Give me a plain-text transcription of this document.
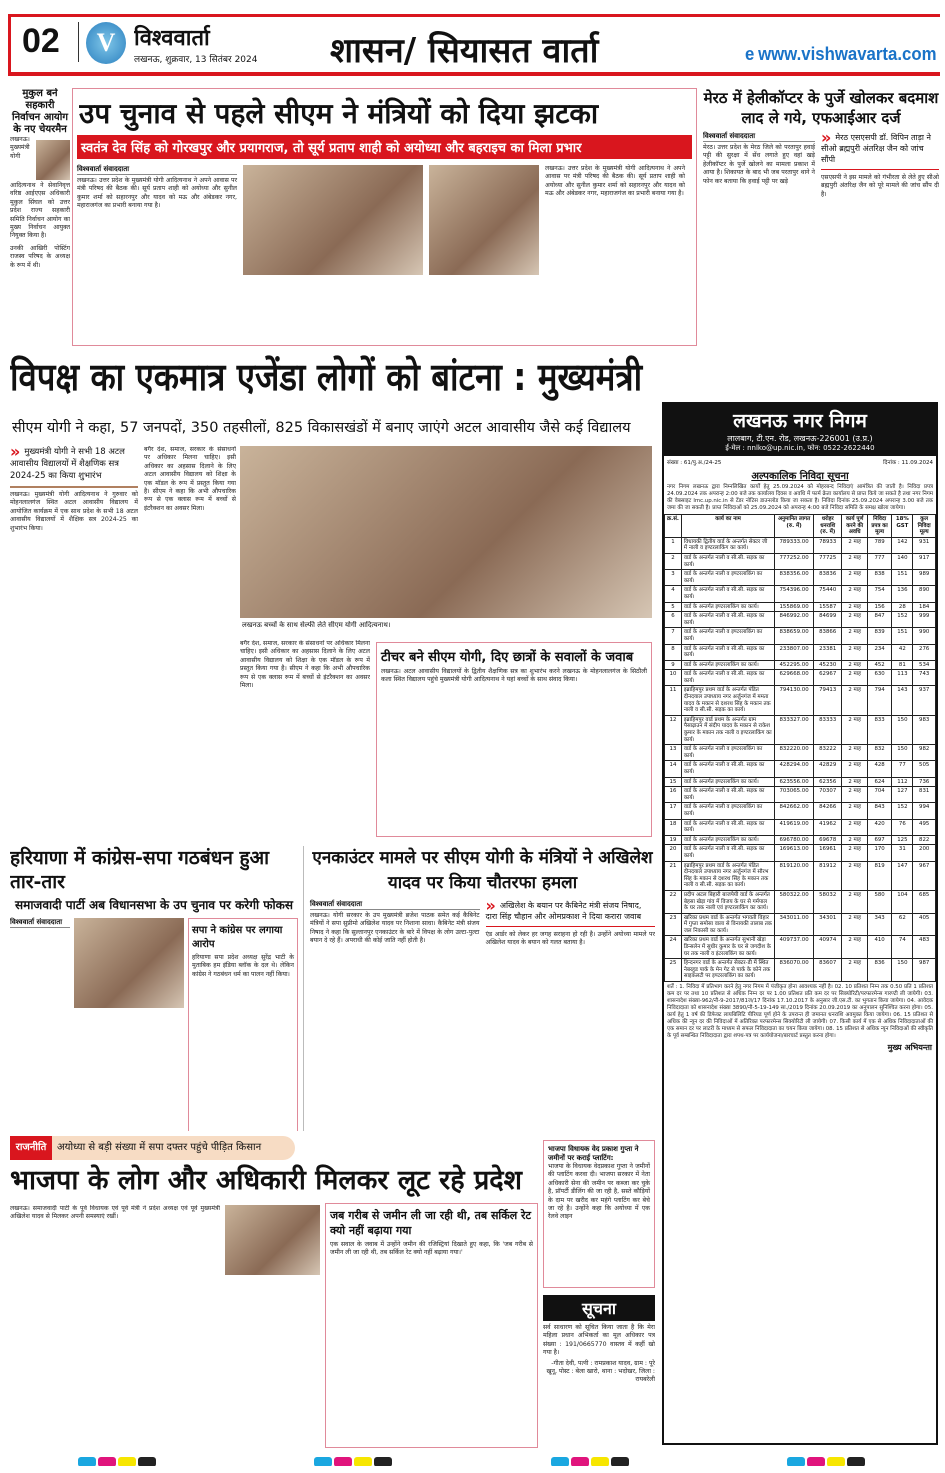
02	V विश्ववार्ता
लखनऊ, शुक्रवार, 13 सितंबर 2024	शासन/ सियासत वार्ता	e www.vishwavarta.com
मुकुल बने सहकारी निर्वाचन आयोग के नए चेयरमैन
लखनऊ। मुख्यमंत्री योगी आदित्यनाथ ने सेवानिवृत्त वरिष्ठ आईएएस अधिकारी मुकुल सिंघल को उत्तर प्रदेश राज्य सहकारी समिति निर्वाचन आयोग का मुख्य निर्वाचन आयुक्त नियुक्त किया है।
उनकी आखिरी पोस्टिंग राजस्व परिषद के अध्यक्ष के रूप में थी।
उप चुनाव से पहले सीएम ने मंत्रियों को दिया झटका
स्वतंत्र देव सिंह को गोरखपुर और प्रयागराज, तो सूर्य प्रताप शाही को अयोध्या और बहराइच का मिला प्रभार
विश्ववार्ता संवाददाता
लखनऊ। उत्तर प्रदेश के मुख्यमंत्री योगी आदित्यनाथ ने अपने आवास पर मंत्री परिषद की बैठक की। सूर्य प्रताप शाही को अयोध्या और सुनील कुमार शर्मा को सहारनपुर और यादव को मऊ और अंबेडकर नगर, महाराजगंज का प्रभारी बनाया गया है।
लखनऊ। उत्तर प्रदेश के मुख्यमंत्री योगी आदित्यनाथ ने अपने आवास पर मंत्री परिषद की बैठक की। सूर्य प्रताप शाही को अयोध्या और सुनील कुमार शर्मा को सहारनपुर और यादव को मऊ और अंबेडकर नगर, महाराजगंज का प्रभारी बनाया गया है।
मेरठ में हेलीकॉप्टर के पुर्जे खोलकर बदमाश लाद ले गये, एफआईआर दर्ज
विश्ववार्ता संवाददाता
मेरठ। उत्तर प्रदेश के मेरठ जिले को परतापुर हवाई पट्टी की सुरक्षा में सेंध लगाते हुए वहां खड़े हेलीकॉप्टर के पुर्जे खोलने का मामला प्रकाश में आया है। शिकायत के बाद भी जब परतापुर थाने ने फोन कर बताया कि हवाई पट्टी पर खड़े
» मेरठ एसएसपी डॉ. विपिन ताड़ा ने सीओ ब्रह्मपुरी अंतरिक्ष जैन को जांच सौंपी
एसएसपी ने इस मामले को गंभीरता से लेते हुए सीओ ब्रह्मपुरी अंतरिक्ष जैन को पूरे मामले की जांच सौंप दी है।
विपक्ष का एकमात्र एजेंडा लोगों को बांटना : मुख्यमंत्री
सीएम योगी ने कहा, 57 जनपदों, 350 तहसीलों, 825 विकासखंडों में बनाए जाएंगे अटल आवासीय जैसे कई विद्यालय
» मुख्यमंत्री योगी ने सभी 18 अटल आवासीय विद्यालयों में शैक्षणिक सत्र 2024-25 का किया शुभारंभ
लखनऊ। मुख्यमंत्री योगी आदित्यनाथ ने गुरुवार को मोहनलालगंज स्थित अटल आवासीय विद्यालय में आयोजित कार्यक्रम में एक साथ प्रदेश के सभी 18 अटल आवासीय विद्यालयों में शैक्षिक सत्र 2024-25 का शुभारंभ किया।
बगैर देश, समाज, सरकार के संसाधनों पर अधिकार मिलना चाहिए। इसी अधिकार का अहसास दिलाने के लिए अटल आवासीय विद्यालय को शिक्षा के एक मॉडल के रूप में प्रस्तुत किया गया है। सीएम ने कहा कि अभी औपचारिक रूप से एक क्लास रूम में बच्चों से इंटरैक्शन का अवसर मिला।
लखनऊ बच्चों के साथ सेल्फी लेते सीएम योगी आदित्यनाथ।
बगैर देश, समाज, सरकार के संसाधनों पर अधिकार मिलना चाहिए। इसी अधिकार का अहसास दिलाने के लिए अटल आवासीय विद्यालय को शिक्षा के एक मॉडल के रूप में प्रस्तुत किया गया है। सीएम ने कहा कि अभी औपचारिक रूप से एक क्लास रूम में बच्चों से इंटरैक्शन का अवसर मिला।
टीचर बने सीएम योगी, दिए छात्रों के सवालों के जवाब
लखनऊ। अटल आवासीय विद्यालयों के द्वितीय शैक्षणिक सत्र का शुभारंभ करने लखनऊ के मोहनलालगंज के सिठौली कला स्थित विद्यालय पहुंचे मुख्यमंत्री योगी आदित्यनाथ ने यहां बच्चों के साथ संवाद किया।
हरियाणा में कांग्रेस-सपा गठबंधन हुआ तार-तार
समाजवादी पार्टी अब विधानसभा के उप चुनाव पर करेगी फोकस
विश्ववार्ता संवाददाता
सपा ने कांग्रेस पर लगाया आरोप
हरियाणा सपा प्रदेश अध्यक्ष सुरेंद्र भाटी के मुताबिक हम इंडिया ब्लॉक के दल थे। लेकिन कांग्रेस ने गठबंधन धर्म का पालन नहीं किया।
एनकाउंटर मामले पर सीएम योगी के मंत्रियों ने अखिलेश यादव पर किया चौतरफा हमला
विश्ववार्ता संवाददाता
लखनऊ। योगी सरकार के उप मुख्यमंत्री ब्रजेश पाठक समेत कई कैबिनेट मंत्रियों ने सपा सुप्रीमो अखिलेश यादव पर निशाना साधा। कैबिनेट मंत्री संजय निषाद ने कहा कि सुल्तानपुर एनकाउंटर के बारे में विपक्ष के लोग उल्टा-पुल्टा बयान दे रहे हैं। अपराधी की कोई जाति नहीं होती है।
» अखिलेश के बयान पर कैबिनेट मंत्री संजय निषाद, दारा सिंह चौहान और ओमप्रकाश ने दिया करारा जवाब
एंड आर्डर को लेकर हर जगह सराहना हो रही है। उन्होंने अयोध्या मामले पर अखिलेश यादव के बयान को गलत बताया है।
राजनीति	अयोध्या से बड़ी संख्या में सपा दफ्तर पहुंचे पीड़ित किसान
भाजपा के लोग और अधिकारी मिलकर लूट रहे प्रदेश
लखनऊ। समाजवादी पार्टी के पूर्व विधायक एवं पूर्व मंत्री ने प्रदेश अध्यक्ष एवं पूर्व मुख्यमंत्री अखिलेश यादव से मिलकर अपनी समस्याएं रखीं।	जब गरीब से जमीन ली जा रही थी, तब सर्किल रेट क्यो नहीं बढ़ाया गया
एक सवाल के जवाब में उन्होंने जमीन की रजिस्ट्रियां दिखाते हुए कहा, कि 'जब गरीब से जमीन ली जा रही थी, तब सर्किल रेट क्यो नहीं बढ़ाया गया।'
भाजपा विधायक वेद प्रकाश गुप्ता ने जमीनों पर कराई प्लाटिंग:
भाजपा के विधायक वेदप्रकाश गुप्ता ने जमीनों की प्लाटिंग करवा दी। भाजपा सरकार में नेता अधिकारी सेना की जमीन पर कब्जा कर चुके है, प्रॉपर्टी डीलिंग की जा रही है, सस्ते कौड़ियों के दाम पर खरीद कर महंगे प्लाटिंग कर बेचे जा रहे है। उन्होंने कहा कि अयोध्या में एक रेलवे लाइन
सूचना
सर्व साधारण को सूचित किया जाता है कि मेरा महिला प्रधान अभिकर्ता का मूल अधिकार पत्र संख्या : 191/0665770 वास्तव में कहीं खो गया है।
-गीता देवी, पत्नी : रामप्रकाश यादव, ग्राम : पूरे खूनू, पोस्ट : बेला खारो, थाना : भदोखर, जिला : रायबरेली
लखनऊ नगर निगम
लालबाग, टी.एन. रोड, लखनऊ-226001 (उ.प्र.)
ई-मेल : nnlko@up.nic.in, फोन: 0522-2622440
संख्या : 61/पु.अ./24-25	दिनांक : 11.09.2024
अल्पकालिक निविदा सूचना
नगर निगम लखनऊ द्वारा निम्नलिखित कार्यों हेतु 25.09.2024 को मोहरबन्द निविदाएं आमंत्रित की जाती है। निविदा प्रपत्र 24.09.2024 तक अपरान्ह 2:00 बजे तक कार्यालय दिवस व अवधि में फार्म क्रेता कार्यालय से प्राप्त किये जा सकते है तथा नगर निगम की वेबसाइट lmc.up.nic.in से टेंडर नोटिस डाउनलोड किया जा सकता है। निविदा दिनांक 25.09.2024 अपरान्ह 3.00 बजे तक जमा की जा सकती है। प्राप्त निविदाओं को 25.09.2024 को अपरान्ह 4:00 बजे निविदा समिति के समक्ष खोला जायेगा।
क्र.सं.	कार्य का नाम	अनुमानित लागत (रु. में)	धरोहर धनराशि (रु. में)	कार्य पूर्ण करने की अवधि	निविदा प्रपत्र का मूल्य	18% GST	कुल निविदा मूल्य
1	विधायकी द्वितीय वार्ड के अन्तर्गत सेक्टर जी में नाली व इण्टरलाकिंग का कार्य।	789333.00	78933	2 माह	789	142	931
2	वार्ड के अन्तर्गत नाली व सी.सी. सड़क का कार्य।	777252.00	77725	2 माह	777	140	917
3	वार्ड के अन्तर्गत नाली व इण्टरलाकिंग का कार्य।	838356.00	83836	2 माह	838	151	989
4	वार्ड के अन्तर्गत नाली व सी.सी. सड़क का कार्य।	754396.00	75440	2 माह	754	136	890
5	वार्ड के अन्तर्गत इण्टरलाकिंग का कार्य।	155869.00	15587	2 माह	156	28	184
6	वार्ड के अन्तर्गत नाली व सी.सी. सड़क का कार्य।	846992.00	84699	2 माह	847	152	999
7	वार्ड के अन्तर्गत नाली व इण्टरलाकिंग का कार्य।	838659.00	83866	2 माह	839	151	990
8	वार्ड के अन्तर्गत नाली व सी.सी. सड़क का कार्य।	233807.00	23381	2 माह	234	42	276
9	वार्ड के अन्तर्गत इण्टरलाकिंग का कार्य।	452295.00	45230	2 माह	452	81	534
10	वार्ड के अन्तर्गत नाली व सी.सी. सड़क का कार्य।	629668.00	62967	2 माह	630	113	743
11	इब्राहिमपुर प्रथम वार्ड के अन्तर्गत पंडित दीनदयाल उपाध्याय नगर अर्जुनगंज में ममता यादव के मकान से दशरथ सिंह के मकान तक नाली व सी.सी. सड़क का कार्य।	794130.00	79413	2 माह	794	143	937
12	इब्राहिमपुर वार्ड प्रथम के अन्तर्गत ग्राम पैसाढ़ाउन में संदीप यादव के मकान से राकेश कुमार के मकान तक नाली व इण्टरलाकिंग का कार्य।	833327.00	83333	2 माह	833	150	983
13	वार्ड के अन्तर्गत नाली व इण्टरलाकिंग का कार्य।	832220.00	83222	2 माह	832	150	982
14	वार्ड के अन्तर्गत नाली व सी.सी. सड़क का कार्य।	428294.00	42829	2 माह	428	77	505
15	वार्ड के अन्तर्गत इण्टरलाकिंग का कार्य।	623556.00	62356	2 माह	624	112	736
16	वार्ड के अन्तर्गत नाली व सी.सी. सड़क का कार्य।	703065.00	70307	2 माह	704	127	831
17	वार्ड के अन्तर्गत नाली व इण्टरलाकिंग का कार्य।	842662.00	84266	2 माह	843	152	994
18	वार्ड के अन्तर्गत नाली व सी.सी. सड़क का कार्य।	419619.00	41962	2 माह	420	76	495
19	वार्ड के अन्तर्गत इण्टरलाकिंग का कार्य।	696780.00	69678	2 माह	697	125	822
20	वार्ड के अन्तर्गत नाली व सी.सी. सड़क का कार्य।	169613.00	16961	2 माह	170	31	200
21	इब्राहिमपुर प्रथम वार्ड के अन्तर्गत पंडित दीनदयाल उपाध्याय नगर अर्जुनगंज में सौरभ सिंह के मकान से दशरथ सिंह के मकान तक नाली व सी.सी. सड़क का कार्य।	819120.00	81912	2 माह	819	147	967
22	प्रदीप अटल बिहारी बाजपेयी वार्ड के अन्तर्गत बेहसा खेड़ा गांव में विजय के घर से गर्मपाल के घर तक नाली एवं इण्टरलाकिंग का कार्य।	580322.00	58032	2 माह	580	104	685
23	खरिका प्रथम वार्ड के अन्तर्गत भगवती विहार में गुप्ता समोसा वाला से विनायकी तालाब तक जल निकासी का कार्य।	343011.00	34301	2 माह	343	62	405
24	खरिका प्रथम वार्ड के अन्तर्गत सुभानी खेड़ा डिन्सलेन में सुधीर कुमार के घर से जगदीश के घर तक नाली व इंटरलाकिंग का कार्य।	409737.00	40974	2 माह	410	74	483
25	हिन्दनगर वार्ड के अन्तर्गत सेक्टर-डी में स्थित नेबरहुड पार्क के मेन गेट से पार्क के कोने तक साइकलटी पर इण्टरलाकिंग का कार्य।	836070.00	83607	2 माह	836	150	987
शर्तें : 1. निविदा में प्रतिभाग करने हेतु नगर निगम में पंजीकृत होना आवश्यक नहीं है। 02. 10 प्रतिशत निम्न तक 0.50 प्रति 1 प्रतिशत कम दर पर तथा 10 प्रतिशत से अधिक निम्न दर पर 1.00 प्रतिशत प्रति कम दर पर सिक्योरिटी/परफारमेन्स गारण्टी ली जायेगी। 03. शासनादेश संख्या-962/नौ-9-2017/81ज/17 दिनांक 17.10.2017 के अनुसार जी.एस.टी. का भुगतान किया जायेगा। 04. आवेदक निविदादाता को शासनादेश संख्या 3890/नौ-5-19-149 सा./2019 दिनांक 20.09.2019 का अनुपालन सुनिश्चित करना होगा। 05. कार्य हेतु 1 वर्ष की डिफेक्ट लायबिलिटि पीरियड पूर्ण होने के उपरान्त ही जमानत धनराशि अवमुक्त किया जायेगा। 06. 15 प्रतिशत से अधिक की न्यून दर की निविदाओं में अतिरिक्त परफारमेन्स सिक्योरिटी ली जायेगी। 07. किसी कार्य में एक से अधिक निविदादाताओं की एक समान दर पर लाटरी के माध्यम से सफल निविदादाता का चयन किया जायेगा। 08. 15 प्रतिशत से अधिक न्यून निविदाओं की स्वीकृति के पूर्व सम्बन्धित निविदादाता द्वारा शपथ-पत्र पर कार्ययोजना/बारचार्ट प्रस्तुत करना होगा।
मुख्य अभियन्ता
